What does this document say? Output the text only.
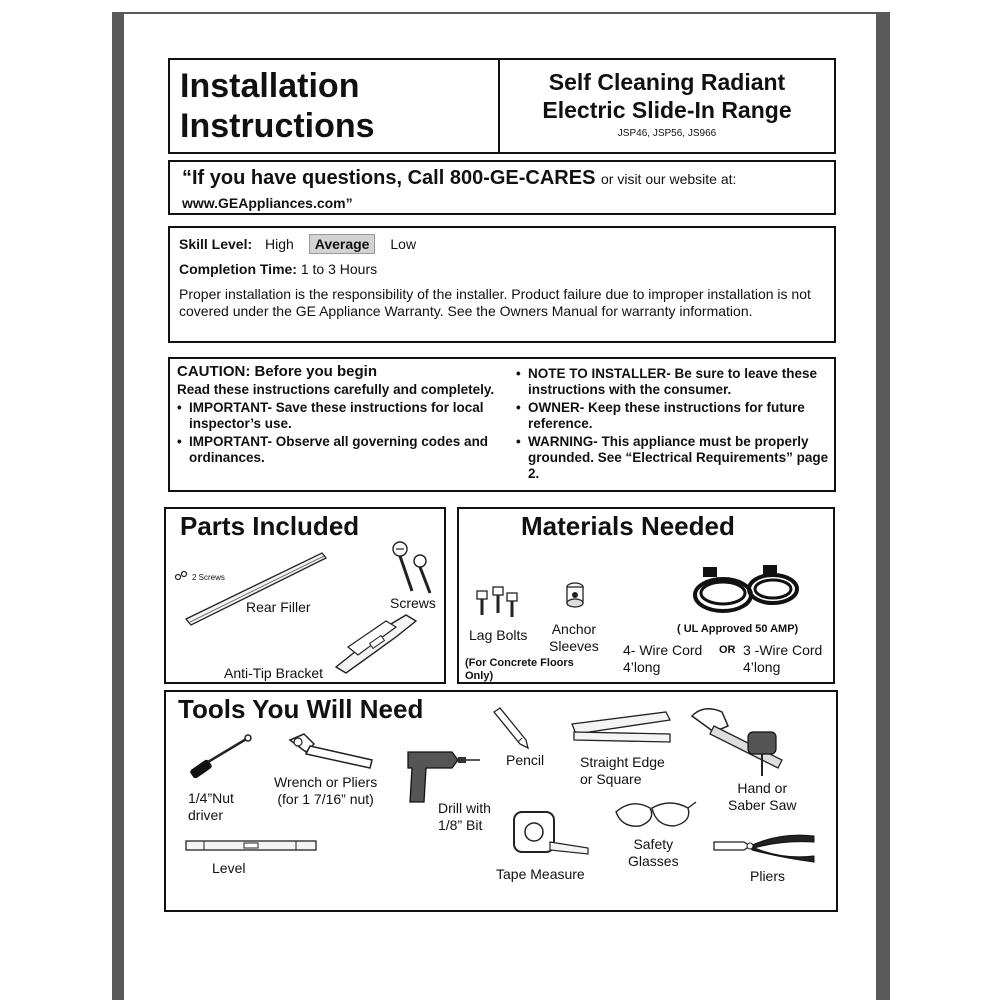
Installation
Instructions
Self Cleaning Radiant
Electric Slide-In Range
JSP46, JSP56, JS966
“If you have questions, Call 800-GE-CARES or visit our website at:
www.GEAppliances.com”
Skill Level: High Average Low
Completion Time: 1 to 3 Hours
Proper installation is the responsibility of the installer. Product failure due to improper installation is not covered under the GE Appliance Warranty. See the Owners Manual for warranty information.
CAUTION: Before you begin
Read these instructions carefully and completely.
• IMPORTANT- Save these instructions for local inspector’s use.
• IMPORTANT- Observe all governing codes and ordinances.
• NOTE TO INSTALLER- Be sure to leave these instructions with the consumer.
• OWNER- Keep these instructions for future reference.
• WARNING- This appliance must be properly grounded. See “Electrical Requirements” page 2.
Parts Included
2 Screws
Rear Filler	Screws
Anti-Tip Bracket
Materials Needed
Lag Bolts Anchor
Sleeves
( UL Approved 50 AMP)
4- Wire Cord
4’long
OR 3 -Wire Cord
4’long
(For Concrete Floors
Only)
Tools You Will Need
1/4”Nut
driver
Wrench or Pliers
(for 1 7/16” nut)
Drill with
1/8” Bit
Pencil	Straight Edge
or Square
Hand or
Saber Saw
Level	Tape Measure
Safety
Glasses
Pliers
